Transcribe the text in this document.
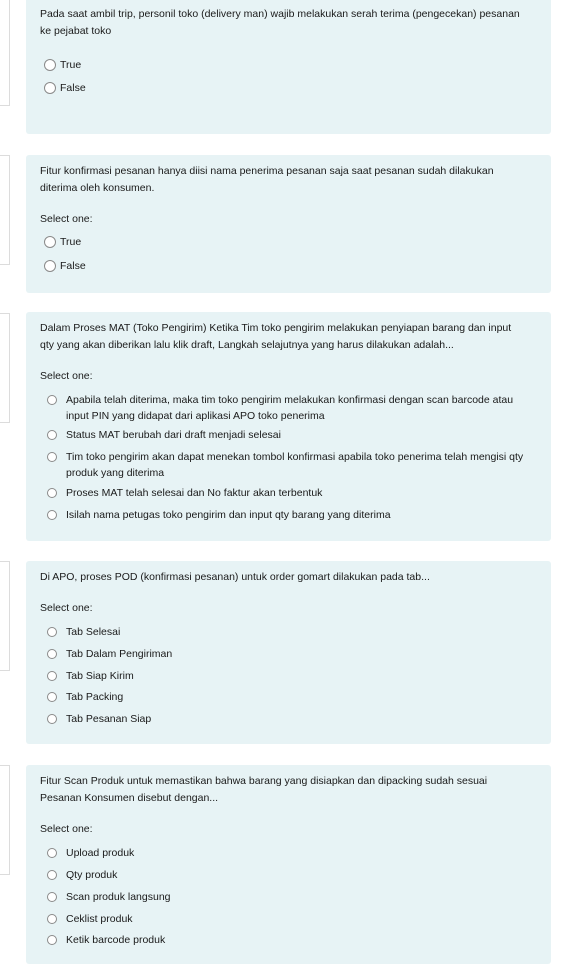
Pada saat ambil trip, personil toko (delivery man) wajib melakukan serah terima (pengecekan) pesanan ke pejabat toko

True
False

Fitur konfirmasi pesanan hanya diisi nama penerima pesanan saja saat pesanan sudah dilakukan diterima oleh konsumen.

Select one:

True
False

Dalam Proses MAT (Toko Pengirim) Ketika Tim toko pengirim melakukan penyiapan barang dan input qty yang akan diberikan lalu klik draft, Langkah selajutnya yang harus dilakukan adalah...

Select one:

Apabila telah diterima, maka tim toko pengirim melakukan konfirmasi dengan scan barcode atau input PIN yang didapat dari aplikasi APO toko penerima
Status MAT berubah dari draft menjadi selesai
Tim toko pengirim akan dapat menekan tombol konfirmasi apabila toko penerima telah mengisi qty produk yang diterima
Proses MAT telah selesai dan No faktur akan terbentuk
Isilah nama petugas toko pengirim dan input qty barang yang diterima

Di APO, proses POD (konfirmasi pesanan) untuk order gomart dilakukan pada tab...

Select one:

Tab Selesai
Tab Dalam Pengiriman
Tab Siap Kirim
Tab Packing
Tab Pesanan Siap

Fitur Scan Produk untuk memastikan bahwa barang yang disiapkan dan dipacking sudah sesuai Pesanan Konsumen disebut dengan...

Select one:

Upload produk
Qty produk
Scan produk langsung
Ceklist produk
Ketik barcode produk
